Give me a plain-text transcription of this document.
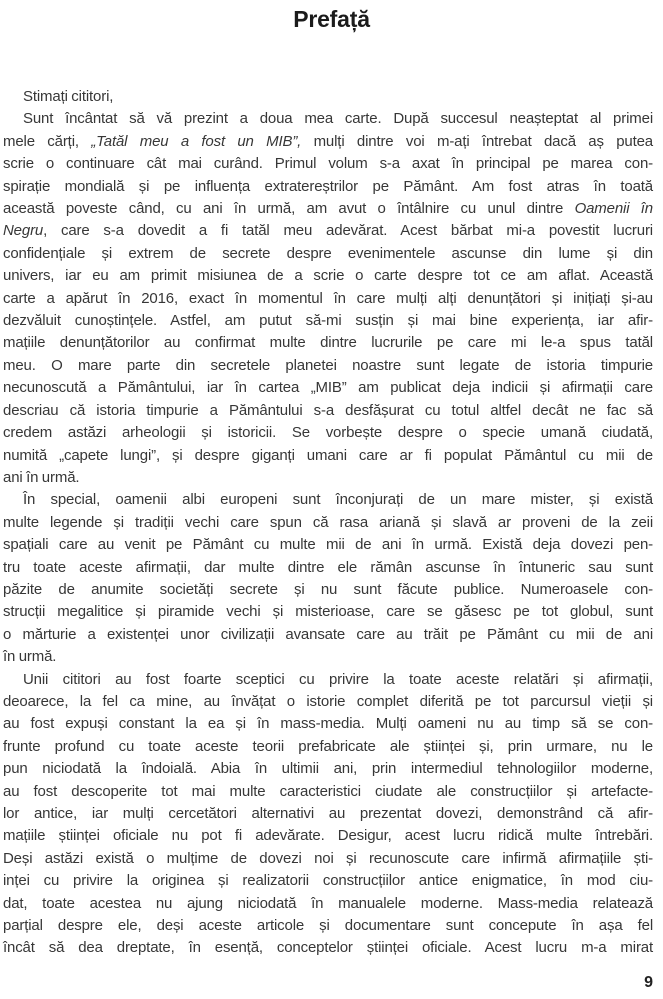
Prefață
Stimați cititori,
Sunt încântat să vă prezint a doua mea carte. După succesul neașteptat al primei
mele cărți, „Tatăl meu a fost un MIB”, mulți dintre voi m-ați întrebat dacă aș putea
scrie o continuare cât mai curând. Primul volum s-a axat în principal pe marea con-
spirație mondială și pe influența extratereștrilor pe Pământ. Am fost atras în toată
această poveste când, cu ani în urmă, am avut o întâlnire cu unul dintre Oamenii în
Negru, care s-a dovedit a fi tatăl meu adevărat. Acest bărbat mi-a povestit lucruri
confidențiale și extrem de secrete despre evenimentele ascunse din lume și din
univers, iar eu am primit misiunea de a scrie o carte despre tot ce am aflat. Această
carte a apărut în 2016, exact în momentul în care mulți alți denunțători și inițiați și-au
dezvăluit cunoștințele. Astfel, am putut să-mi susțin și mai bine experiența, iar afir-
mațiile denunțătorilor au confirmat multe dintre lucrurile pe care mi le-a spus tatăl
meu. O mare parte din secretele planetei noastre sunt legate de istoria timpurie
necunoscută a Pământului, iar în cartea „MIB” am publicat deja indicii și afirmații care
descriau că istoria timpurie a Pământului s-a desfășurat cu totul altfel decât ne fac să
credem astăzi arheologii și istoricii. Se vorbește despre o specie umană ciudată,
numită „capete lungi”, și despre giganți umani care ar fi populat Pământul cu mii de
ani în urmă.
În special, oamenii albi europeni sunt înconjurați de un mare mister, și există
multe legende și tradiții vechi care spun că rasa ariană și slavă ar proveni de la zeii
spațiali care au venit pe Pământ cu multe mii de ani în urmă. Există deja dovezi pen-
tru toate aceste afirmații, dar multe dintre ele rămân ascunse în întuneric sau sunt
păzite de anumite societăți secrete și nu sunt făcute publice. Numeroasele con-
strucții megalitice și piramide vechi și misterioase, care se găsesc pe tot globul, sunt
o mărturie a existenței unor civilizații avansate care au trăit pe Pământ cu mii de ani
în urmă.
Unii cititori au fost foarte sceptici cu privire la toate aceste relatări și afirmații,
deoarece, la fel ca mine, au învățat o istorie complet diferită pe tot parcursul vieții și
au fost expuși constant la ea și în mass-media. Mulți oameni nu au timp să se con-
frunte profund cu toate aceste teorii prefabricate ale științei și, prin urmare, nu le
pun niciodată la îndoială. Abia în ultimii ani, prin intermediul tehnologiilor moderne,
au fost descoperite tot mai multe caracteristici ciudate ale construcțiilor și artefacte-
lor antice, iar mulți cercetători alternativi au prezentat dovezi, demonstrând că afir-
mațiile științei oficiale nu pot fi adevărate. Desigur, acest lucru ridică multe întrebări.
Deși astăzi există o mulțime de dovezi noi și recunoscute care infirmă afirmațiile ști-
inței cu privire la originea și realizatorii construcțiilor antice enigmatice, în mod ciu-
dat, toate acestea nu ajung niciodată în manualele moderne. Mass-media relatează
parțial despre ele, deși aceste articole și documentare sunt concepute în așa fel
încât să dea dreptate, în esență, conceptelor științei oficiale. Acest lucru m-a mirat
9
